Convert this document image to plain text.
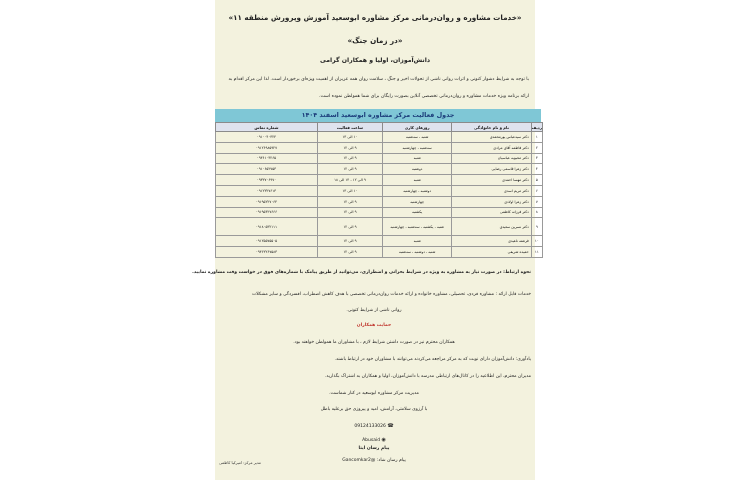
«خدمات مشاوره و روان‌درمانی مرکز مشاوره ابوسعید آموزش وپرورش منطقه ۱۱»
«در زمان جنگ»
دانش‌آموزان، اولیا و همکاران گرامی
با توجه به شرایط دشوار کنونی و اثرات روانی ناشی از تحولات اخیر و جنگ ، سلامت روان همه عزیزان از اهمیت ویژه‌ای برخوردار است. لذا این مرکز اقدام به
ارائه برنامه ویژه خدمات مشاوره و روان‌درمانی تخصصی آنلاین بصورت رایگان برای شما همولطن نموده است.
جدول فعالیت مرکز مشاوره ابوسعید اسفند ۱۴۰۴
ردیف	نام و نام خانوادگی	روزهای کاری	ساعت فعالیت	شماره تماس
۱	دکتر سیدعباس پورمحمدی	شنبه ، سه‌شنبه	۱۰ الی ۱۳	۰۹۱۰۰۴۰۳۲۴
۲	دکتر فاطمه آقای مرادی	سه‌شنبه ، چهارشنبه	۹ الی ۱۲	۰۹۱۲۶۹۸۵۹۲۷
۳	دکتر محبوبه عباسیان	شنبه	۹ الی ۱۲	۰۹۳۶۱۰۴۲۶۵
۴	دکتر زهرا قاسمی رضایی	دوشنبه	۹ الی ۱۲	۰۹۱۰۶۵۲۷۵۳
۵	دکتر مهسا احمدی	شنبه	۹ الی ۱۲ ، ۱۴ الی ۱۸	۰۹۳۳۷۰۶۹۷۰
۶	دکتر مریم اسدی	دوشنبه ، چهارشنبه	۱۰ الی ۱۳	۰۹۱۲۳۲۷۶۱۳
۷	دکتر زهرا اولادی	چهارشنبه	۹ الی ۱۲	۰۹۱۹۵۲۲۷۰۶۴
۸	دکتر فرزانه کاظمی	یکشنبه	۹ الی ۱۲	۰۹۱۹۵۴۲۷۶۶۶
۹	دکتر نسرین سعیدی	شنبه ، یکشنبه ، سه‌شنبه ، چهارشنبه	۹ الی ۱۲	۰۹۱۸۰۵۳۲۱۱۱
۱۰	فرشته ناهیدی	شنبه	۹ الی ۱۲	۰۹۱۲۵۵۷۵۵۰۵
۱۱	حمیده شریفی	شنبه ، دوشنبه ، سه‌شنبه	۹ الی ۱۲	۰۹۳۶۳۲۶۷۵۸۳
نحوه ارتباط: در صورت نیاز به مشاوره به ویژه در شرایط بحرانی و اضطراری، می‌توانید از طریق پیامک با شماره‌های فوق در خواست وقت مشاوره نمایید.
خدمات قابل ارائه : مشاوره فردی، تحصیلی، مشاوره خانواده و ارائه خدمات روان‌درمانی تخصصی با هدف کاهش اضطراب، افسردگی و سایر مشکلات
روانی ناشی از شرایط کنونی.
حمایت همکاران
همکاران محترم نیز در صورت داشتن شرایط لازم ، با مشاوران ما همولطن خواهند بود.
یادآوری: دانش‌آموزان دارای نوبت که به مرکز مراجعه می‌کردند می‌توانند با مشاوران خود در ارتباط باشند.
مدیران محترم، این اطلاعیه را در کانال‌های ارتباطی مدرسه با دانش‌آموزان، اولیا و همکاران به اشتراک بگذارید.
مدیریت مرکز مشاوره ابوسعید در کنار شماست.
با آرزوی سلامتی، آرامش، امید و پیروزی حق برعلیه باطل
☎ 09124133026
◉ Abusaid
پیام رسان ایتا
پیام رسان شاد: @Gancomkar2
مدیر مرکز: امیرکیا کاظمی
